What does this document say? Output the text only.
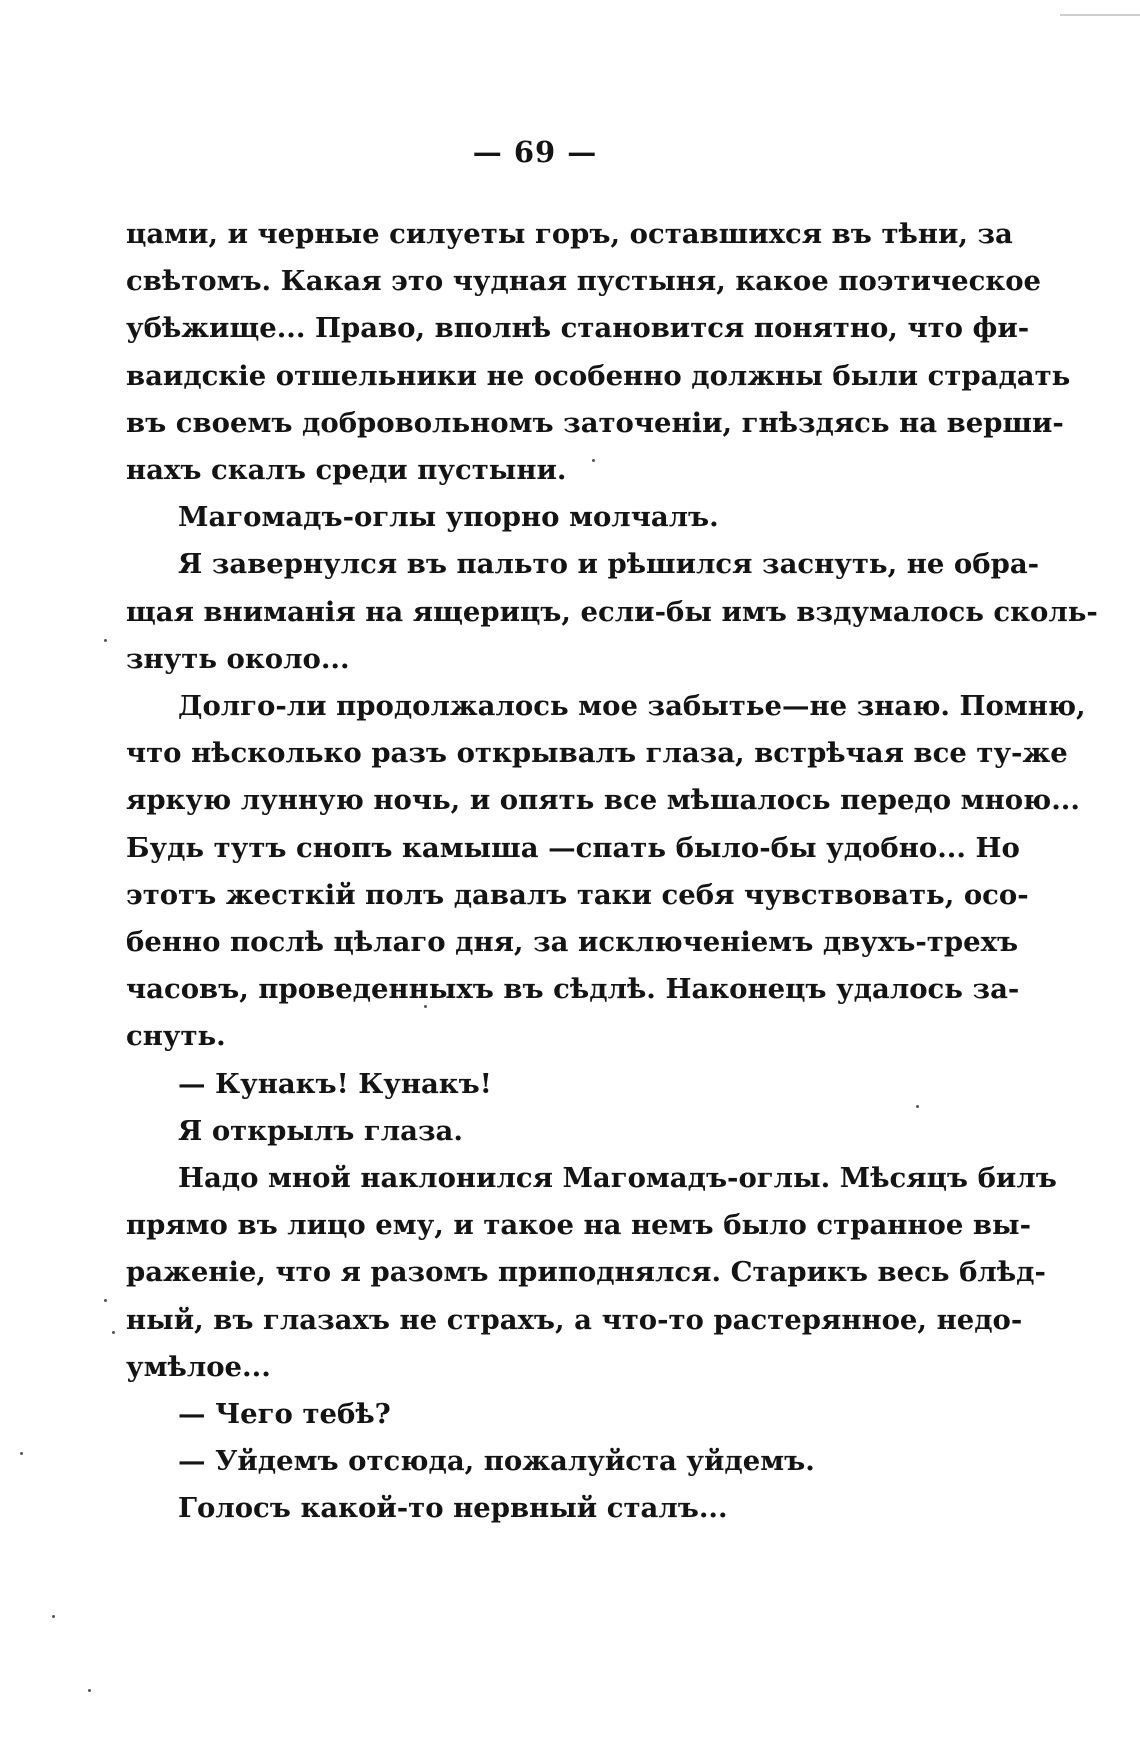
— 69 —
цами, и черные силуеты горъ, оставшихся въ тѣни, за
свѣтомъ. Какая это чудная пустыня, какое поэтическое
убѣжище... Право, вполнѣ становится понятно, что фи-
ваидскiе отшельники не особенно должны были страдать
въ своемъ добровольномъ заточенiи, гнѣздясь на верши-
нахъ скалъ среди пустыни.
Магомадъ-оглы упорно молчалъ.
Я завернулся въ пальто и рѣшился заснуть, не обра-
щая вниманiя на ящерицъ, если-бы имъ вздумалось сколь-
знуть около...
Долго-ли продолжалось мое забытье—не знаю. Помню,
что нѣсколько разъ открывалъ глаза, встрѣчая все ту-же
яркую лунную ночь, и опять все мѣшалось передо мною...
Будь тутъ снопъ камыша —спать было-бы удобно... Но
этотъ жесткiй полъ давалъ таки себя чувствовать, осо-
бенно послѣ цѣлаго дня, за исключенiемъ двухъ-трехъ
часовъ, проведенныхъ въ сѣдлѣ. Наконецъ удалось за-
снуть.
— Кунакъ! Кунакъ!
Я открылъ глаза.
Надо мной наклонился Магомадъ-оглы. Мѣсяцъ билъ
прямо въ лицо ему, и такое на немъ было странное вы-
раженiе, что я разомъ приподнялся. Старикъ весь блѣд-
ный, въ глазахъ не страхъ, а что-то растерянное, недо-
умѣлое...
— Чего тебѣ?
— Уйдемъ отсюда, пожалуйста уйдемъ.
Голосъ какой-то нервный сталъ...
